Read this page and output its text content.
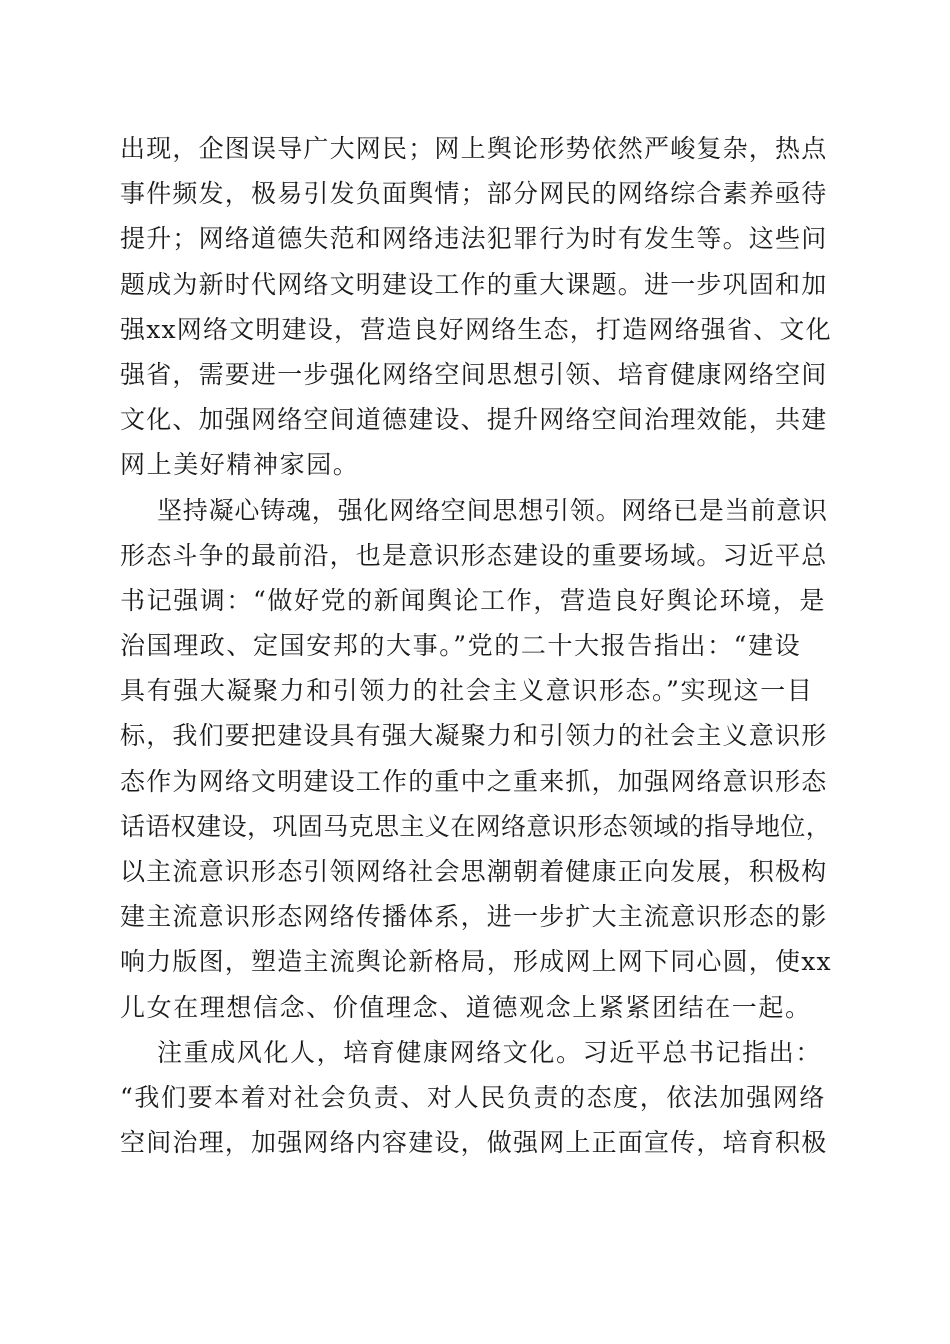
出现，企图误导广大网民；网上舆论形势依然严峻复杂，热点
事件频发，极易引发负面舆情；部分网民的网络综合素养亟待
提升；网络道德失范和网络违法犯罪行为时有发生等。这些问
题成为新时代网络文明建设工作的重大课题。进一步巩固和加
强xx网络文明建设，营造良好网络生态，打造网络强省、文化
强省，需要进一步强化网络空间思想引领、培育健康网络空间
文化、加强网络空间道德建设、提升网络空间治理效能，共建
网上美好精神家园。
坚持凝心铸魂，强化网络空间思想引领。网络已是当前意识
形态斗争的最前沿，也是意识形态建设的重要场域。习近平总
书记强调：“做好党的新闻舆论工作，营造良好舆论环境，是
治国理政、定国安邦的大事。”党的二十大报告指出：“建设
具有强大凝聚力和引领力的社会主义意识形态。”实现这一目
标，我们要把建设具有强大凝聚力和引领力的社会主义意识形
态作为网络文明建设工作的重中之重来抓，加强网络意识形态
话语权建设，巩固马克思主义在网络意识形态领域的指导地位，
以主流意识形态引领网络社会思潮朝着健康正向发展，积极构
建主流意识形态网络传播体系，进一步扩大主流意识形态的影
响力版图，塑造主流舆论新格局，形成网上网下同心圆，使xx
儿女在理想信念、价值理念、道德观念上紧紧团结在一起。
注重成风化人，培育健康网络文化。习近平总书记指出：
“我们要本着对社会负责、对人民负责的态度，依法加强网络
空间治理，加强网络内容建设，做强网上正面宣传，培育积极
